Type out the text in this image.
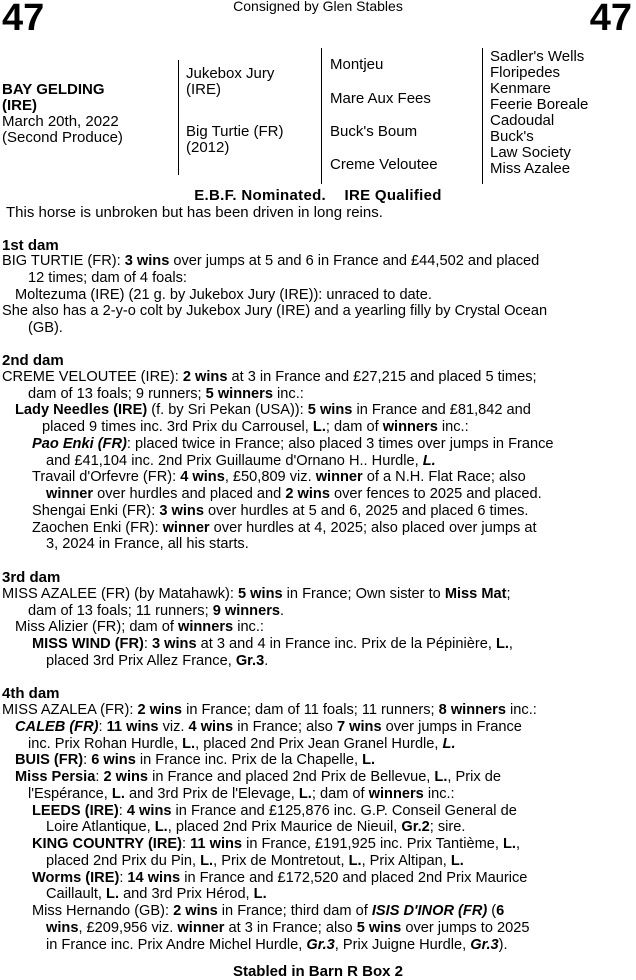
47	Consigned by Glen Stables	47
BAY GELDING
(IRE)
March 20th, 2022
(Second Produce)
Jukebox Jury
(IRE)
Big Turtie (FR)
(2012)
Montjeu
Mare Aux Fees
Buck's Boum
Creme Veloutee
Sadler's Wells
Floripedes
Kenmare
Feerie Boreale
Cadoudal
Buck's
Law Society
Miss Azalee
E.B.F. Nominated. IRE Qualified
This horse is unbroken but has been driven in long reins.
1st dam
BIG TURTIE (FR): 3 wins over jumps at 5 and 6 in France and £44,502 and placed
12 times; dam of 4 foals:
Moltezuma (IRE) (21 g. by Jukebox Jury (IRE)): unraced to date.
She also has a 2-y-o colt by Jukebox Jury (IRE) and a yearling filly by Crystal Ocean
(GB).
2nd dam
CREME VELOUTEE (IRE): 2 wins at 3 in France and £27,215 and placed 5 times;
dam of 13 foals; 9 runners; 5 winners inc.:
Lady Needles (IRE) (f. by Sri Pekan (USA)): 5 wins in France and £81,842 and
placed 9 times inc. 3rd Prix du Carrousel, L.; dam of winners inc.:
Pao Enki (FR): placed twice in France; also placed 3 times over jumps in France
and £41,104 inc. 2nd Prix Guillaume d'Ornano H.. Hurdle, L.
Travail d'Orfevre (FR): 4 wins, £50,809 viz. winner of a N.H. Flat Race; also
winner over hurdles and placed and 2 wins over fences to 2025 and placed.
Shengai Enki (FR): 3 wins over hurdles at 5 and 6, 2025 and placed 6 times.
Zaochen Enki (FR): winner over hurdles at 4, 2025; also placed over jumps at
3, 2024 in France, all his starts.
3rd dam
MISS AZALEE (FR) (by Matahawk): 5 wins in France; Own sister to Miss Mat;
dam of 13 foals; 11 runners; 9 winners.
Miss Alizier (FR); dam of winners inc.:
MISS WIND (FR): 3 wins at 3 and 4 in France inc. Prix de la Pépinière, L.,
placed 3rd Prix Allez France, Gr.3.
4th dam
MISS AZALEA (FR): 2 wins in France; dam of 11 foals; 11 runners; 8 winners inc.:
CALEB (FR): 11 wins viz. 4 wins in France; also 7 wins over jumps in France
inc. Prix Rohan Hurdle, L., placed 2nd Prix Jean Granel Hurdle, L.
BUIS (FR): 6 wins in France inc. Prix de la Chapelle, L.
Miss Persia: 2 wins in France and placed 2nd Prix de Bellevue, L., Prix de
l'Espérance, L. and 3rd Prix de l'Elevage, L.; dam of winners inc.:
LEEDS (IRE): 4 wins in France and £125,876 inc. G.P. Conseil General de
Loire Atlantique, L., placed 2nd Prix Maurice de Nieuil, Gr.2; sire.
KING COUNTRY (IRE): 11 wins in France, £191,925 inc. Prix Tantième, L.,
placed 2nd Prix du Pin, L., Prix de Montretout, L., Prix Altipan, L.
Worms (IRE): 14 wins in France and £172,520 and placed 2nd Prix Maurice
Caillault, L. and 3rd Prix Hérod, L.
Miss Hernando (GB): 2 wins in France; third dam of ISIS D'INOR (FR) (6
wins, £209,956 viz. winner at 3 in France; also 5 wins over jumps to 2025
in France inc. Prix Andre Michel Hurdle, Gr.3, Prix Juigne Hurdle, Gr.3).
Stabled in Barn R Box 2
